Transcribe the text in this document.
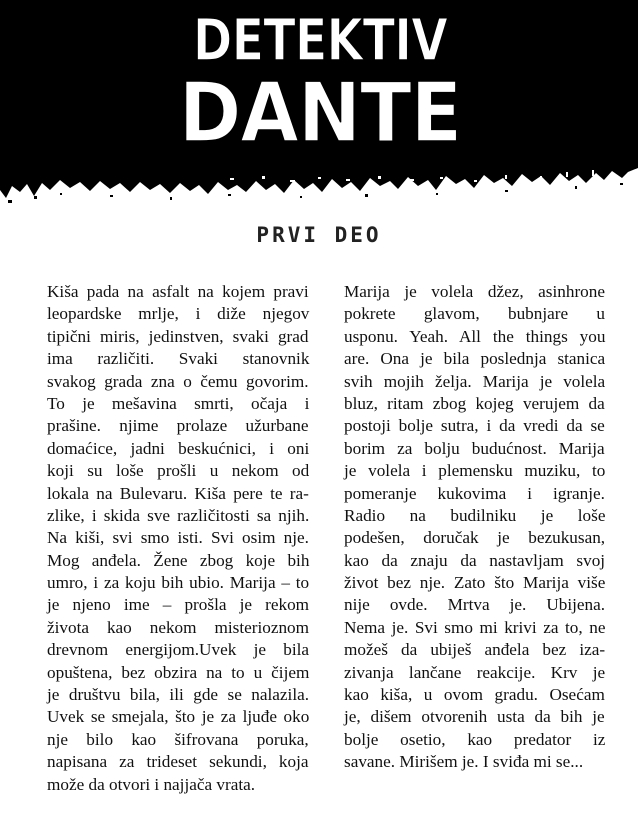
DETEKTIV
DANTE
PRVI DEO
Kiša pada na asfalt na kojem pravi
leopardske mrlje, i diže njegov
tipični miris, jedinstven, svaki grad
ima različiti. Svaki stanovnik
svakog grada zna o čemu govorim.
To je mešavina smrti, očaja i
prašine. njime prolaze užurbane
domaćice, jadni beskućnici, i oni
koji su loše prošli u nekom od
lokala na Bulevaru. Kiša pere te ra-
zlike, i skida sve različitosti sa njih.
Na kiši, svi smo isti. Svi osim nje.
Mog anđela. Žene zbog koje bih
umro, i za koju bih ubio. Marija – to
je njeno ime – prošla je rekom
života kao nekom misterioznom
drevnom energijom.Uvek je bila
opuštena, bez obzira na to u čijem
je društvu bila, ili gde se nalazila.
Uvek se smejala, što je za ljuđe oko
nje bilo kao šifrovana poruka,
napisana za trideset sekundi, koja
može da otvori i najjača vrata.
Marija je volela džez, asinhrone
pokrete glavom, bubnjare u
usponu. Yeah. All the things you
are. Ona je bila poslednja stanica
svih mojih želja. Marija je volela
bluz, ritam zbog kojeg verujem da
postoji bolje sutra, i da vredi da se
borim za bolju budućnost. Marija
je volela i plemensku muziku, to
pomeranje kukovima i igranje.
Radio na budilniku je loše
podešen, doručak je bezukusan,
kao da znaju da nastavljam svoj
život bez nje. Zato što Marija više
nije ovde. Mrtva je. Ubijena.
Nema je. Svi smo mi krivi za to, ne
možeš da ubiješ anđela bez iza-
zivanja lančane reakcije. Krv je
kao kiša, u ovom gradu. Osećam
je, dišem otvorenih usta da bih je
bolje osetio, kao predator iz
savane. Mirišem je. I sviđa mi se...
